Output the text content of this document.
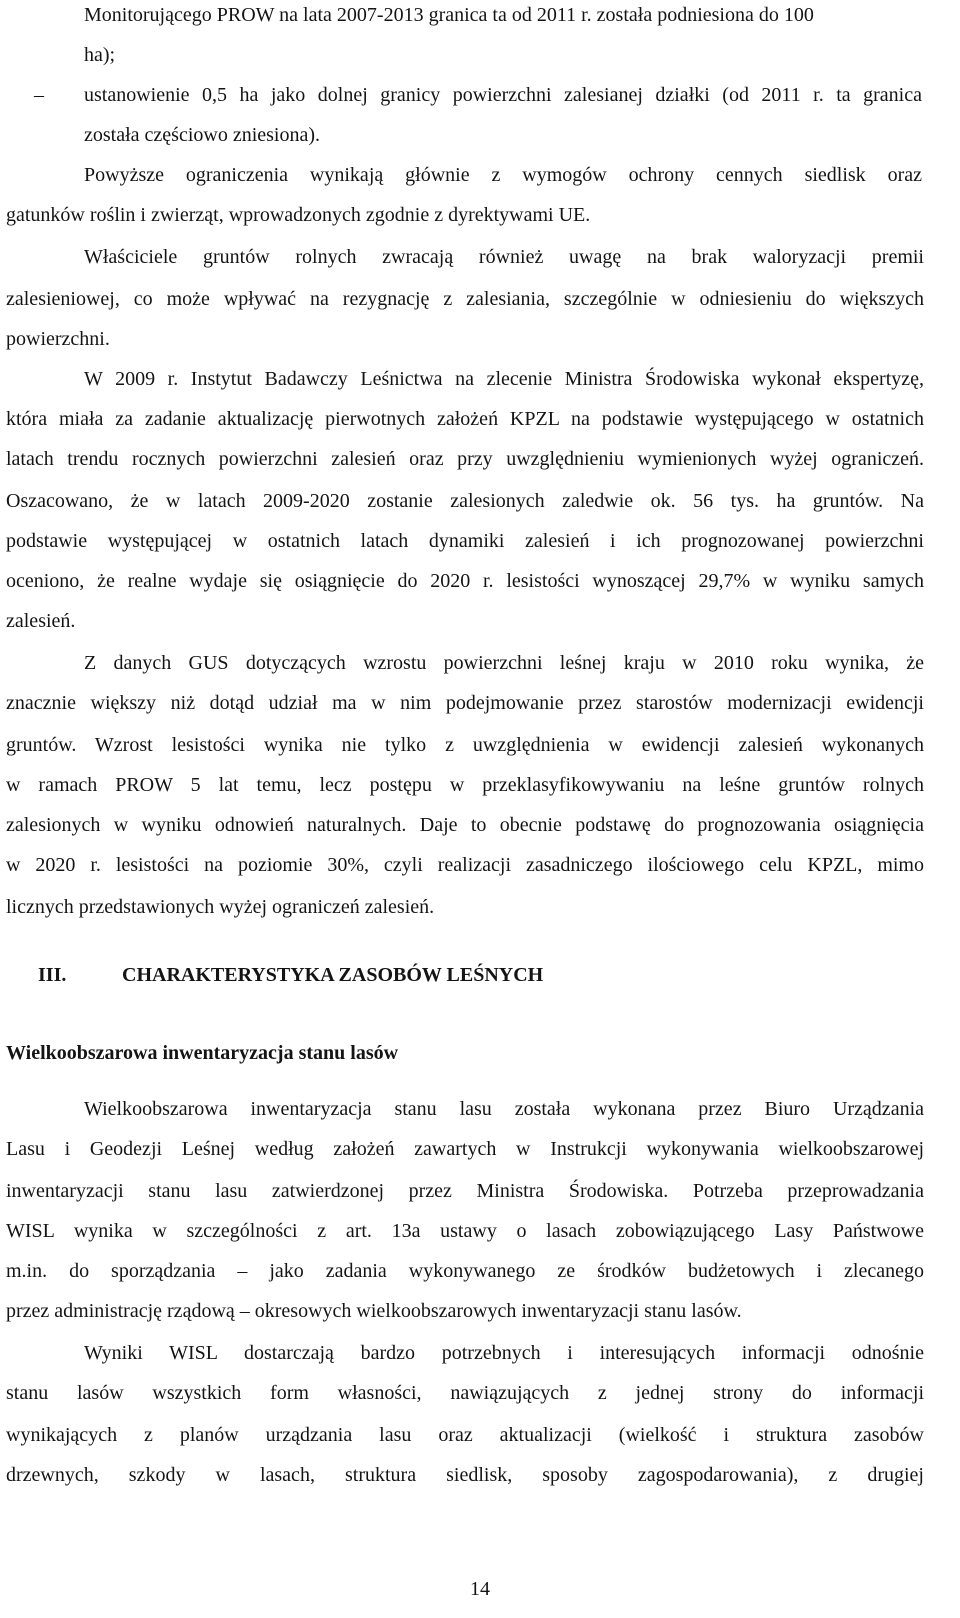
Monitorującego PROW na lata 2007-2013 granica ta od 2011 r. została podniesiona do 100
ha);
– ustanowienie 0,5 ha jako dolnej granicy powierzchni zalesianej działki (od 2011 r. ta granica
została częściowo zniesiona).
Powyższe ograniczenia wynikają głównie z wymogów ochrony cennych siedlisk oraz
gatunków roślin i zwierząt, wprowadzonych zgodnie z dyrektywami UE.
Właściciele gruntów rolnych zwracają również uwagę na brak waloryzacji premii
zalesieniowej, co może wpływać na rezygnację z zalesiania, szczególnie w odniesieniu do większych
powierzchni.
W 2009 r. Instytut Badawczy Leśnictwa na zlecenie Ministra Środowiska wykonał ekspertyzę,
która miała za zadanie aktualizację pierwotnych założeń KPZL na podstawie występującego w ostatnich
latach trendu rocznych powierzchni zalesień oraz przy uwzględnieniu wymienionych wyżej ograniczeń.
Oszacowano, że w latach 2009-2020 zostanie zalesionych zaledwie ok. 56 tys. ha gruntów. Na
podstawie występującej w ostatnich latach dynamiki zalesień i ich prognozowanej powierzchni
oceniono, że realne wydaje się osiągnięcie do 2020 r. lesistości wynoszącej 29,7% w wyniku samych
zalesień.
Z danych GUS dotyczących wzrostu powierzchni leśnej kraju w 2010 roku wynika, że
znacznie większy niż dotąd udział ma w nim podejmowanie przez starostów modernizacji ewidencji
gruntów. Wzrost lesistości wynika nie tylko z uwzględnienia w ewidencji zalesień wykonanych
w ramach PROW 5 lat temu, lecz postępu w przeklasyfikowywaniu na leśne gruntów rolnych
zalesionych w wyniku odnowień naturalnych. Daje to obecnie podstawę do prognozowania osiągnięcia
w 2020 r. lesistości na poziomie 30%, czyli realizacji zasadniczego ilościowego celu KPZL, mimo
licznych przedstawionych wyżej ograniczeń zalesień.
III.	CHARAKTERYSTYKA ZASOBÓW LEŚNYCH
Wielkoobszarowa inwentaryzacja stanu lasów
Wielkoobszarowa inwentaryzacja stanu lasu została wykonana przez Biuro Urządzania
Lasu i Geodezji Leśnej według założeń zawartych w Instrukcji wykonywania wielkoobszarowej
inwentaryzacji stanu lasu zatwierdzonej przez Ministra Środowiska. Potrzeba przeprowadzania
WISL wynika w szczególności z art. 13a ustawy o lasach zobowiązującego Lasy Państwowe
m.in. do sporządzania – jako zadania wykonywanego ze środków budżetowych i zlecanego
przez administrację rządową – okresowych wielkoobszarowych inwentaryzacji stanu lasów.
Wyniki WISL dostarczają bardzo potrzebnych i interesujących informacji odnośnie
stanu lasów wszystkich form własności, nawiązujących z jednej strony do informacji
wynikających z planów urządzania lasu oraz aktualizacji (wielkość i struktura zasobów
drzewnych, szkody w lasach, struktura siedlisk, sposoby zagospodarowania), z drugiej
14
